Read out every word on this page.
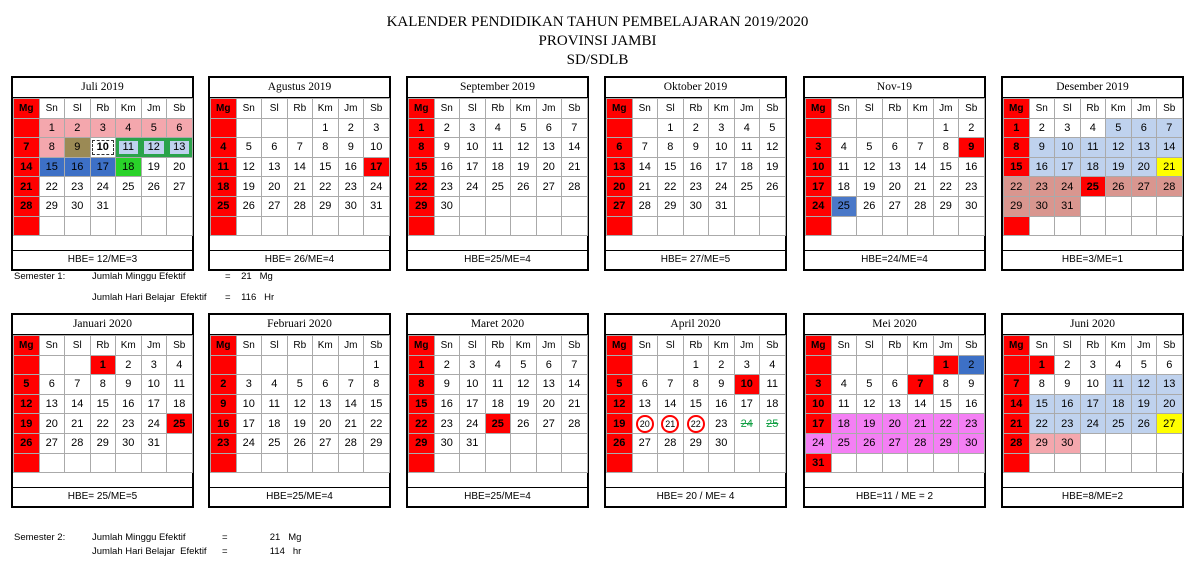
KALENDER PENDIDIKAN TAHUN PEMBELAJARAN 2019/2020
PROVINSI JAMBI
SD/SDLB
Juli 2019
Mg	Sn	Sl	Rb	Km	Jm	Sb
	1	2	3	4	5	6
7	8	9	10	11	12	13
14	15	16	17	18	19	20
21	22	23	24	25	26	27
28	29	30	31			

HBE= 12/ME=3
Agustus 2019
Mg	Sn	Sl	Rb	Km	Jm	Sb
				1	2	3
4	5	6	7	8	9	10
11	12	13	14	15	16	17
18	19	20	21	22	23	24
25	26	27	28	29	30	31

HBE= 26/ME=4
September 2019
Mg	Sn	Sl	Rb	Km	Jm	Sb
1	2	3	4	5	6	7
8	9	10	11	12	13	14
15	16	17	18	19	20	21
22	23	24	25	26	27	28
29	30					

HBE=25/ME=4
Oktober 2019
Mg	Sn	Sl	Rb	Km	Jm	Sb
		1	2	3	4	5
6	7	8	9	10	11	12
13	14	15	16	17	18	19
20	21	22	23	24	25	26
27	28	29	30	31		

HBE= 27/ME=5
Nov-19
Mg	Sn	Sl	Rb	Km	Jm	Sb
					1	2
3	4	5	6	7	8	9
10	11	12	13	14	15	16
17	18	19	20	21	22	23
24	25	26	27	28	29	30

HBE=24/ME=4
Desember 2019
Mg	Sn	Sl	Rb	Km	Jm	Sb
1	2	3	4	5	6	7
8	9	10	11	12	13	14
15	16	17	18	19	20	21
22	23	24	25	26	27	28
29	30	31				

HBE=3/ME=1
Januari 2020
Mg	Sn	Sl	Rb	Km	Jm	Sb
			1	2	3	4
5	6	7	8	9	10	11
12	13	14	15	16	17	18
19	20	21	22	23	24	25
26	27	28	29	30	31	

HBE= 25/ME=5
Februari 2020
Mg	Sn	Sl	Rb	Km	Jm	Sb
						1
2	3	4	5	6	7	8
9	10	11	12	13	14	15
16	17	18	19	20	21	22
23	24	25	26	27	28	29

HBE=25/ME=4
Maret 2020
Mg	Sn	Sl	Rb	Km	Jm	Sb
1	2	3	4	5	6	7
8	9	10	11	12	13	14
15	16	17	18	19	20	21
22	23	24	25	26	27	28
29	30	31				

HBE=25/ME=4
April 2020
Mg	Sn	Sl	Rb	Km	Jm	Sb
			1	2	3	4
5	6	7	8	9	10	11
12	13	14	15	16	17	18
19	20	21	22	23	24	25
26	27	28	29	30		

HBE= 20 / ME= 4
Mei 2020
Mg	Sn	Sl	Rb	Km	Jm	Sb
					1	2
3	4	5	6	7	8	9
10	11	12	13	14	15	16
17	18	19	20	21	22	23
24	25	26	27	28	29	30
31						
HBE=11 / ME = 2
Juni 2020
Mg	Sn	Sl	Rb	Km	Jm	Sb
	1	2	3	4	5	6
7	8	9	10	11	12	13
14	15	16	17	18	19	20
21	22	23	24	25	26	27
28	29	30				

HBE=8/ME=2
Semester 1:	Jumlah Minggu Efektif	=    21   Mg
Jumlah Hari Belajar  Efektif =    116   Hr
Semester 2:	Jumlah Minggu Efektif	=                21   Mg
Jumlah Hari Belajar  Efektif =                114   hr
